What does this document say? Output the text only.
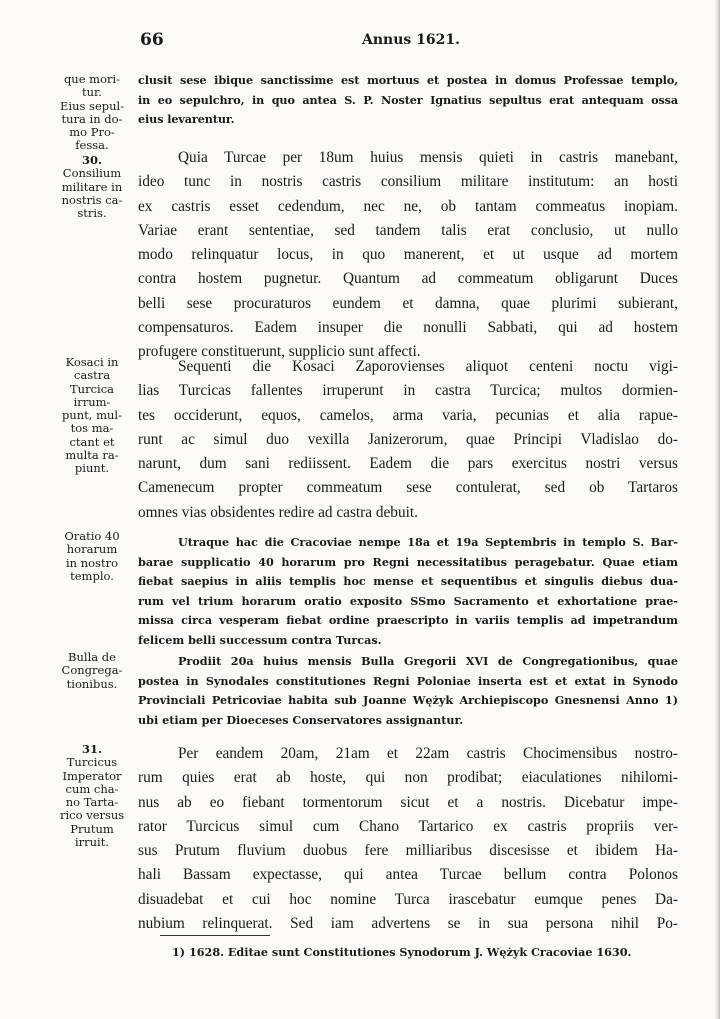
66	Annus 1621.
que mori-
tur.
Eius sepul-
tura in do-
mo Pro-
fessa.
30.
Consilium
militare in
nostris ca-
stris.
Kosaci in
castra
Turcica
irrum-
punt, mul-
tos ma-
ctant et
multa ra-
piunt.
Oratio 40
horarum
in nostro
templo.
Bulla de
Congrega-
tionibus.
31.
Turcicus
Imperator
cum cha-
no Tarta-
rico versus
Prutum
irruit.
clusit sese ibique sanctissime est mortuus et postea in domus Professae templo,
in eo sepulchro, in quo antea S. P. Noster Ignatius sepultus erat antequam ossa
eius levarentur.
Quia Turcae per 18um huius mensis quieti in castris manebant,
ideo tunc in nostris castris consilium militare institutum: an hosti
ex castris esset cedendum, nec ne, ob tantam commeatus inopiam.
Variae erant sententiae, sed tandem talis erat conclusio, ut nullo
modo relinquatur locus, in quo manerent, et ut usque ad mortem
contra hostem pugnetur. Quantum ad commeatum obligarunt Duces
belli sese procuraturos eundem et damna, quae plurimi subierant,
compensaturos. Eadem insuper die nonulli Sabbati, qui ad hostem
profugere constituerunt, supplicio sunt affecti.
Sequenti die Kosaci Zaporovienses aliquot centeni noctu vigi-
lias Turcicas fallentes irruperunt in castra Turcica; multos dormien-
tes occiderunt, equos, camelos, arma varia, pecunias et alia rapue-
runt ac simul duo vexilla Janizerorum, quae Principi Vladislao do-
narunt, dum sani rediissent. Eadem die pars exercitus nostri versus
Camenecum propter commeatum sese contulerat, sed ob Tartaros
omnes vias obsidentes redire ad castra debuit.
Utraque hac die Cracoviae nempe 18a et 19a Septembris in templo S. Bar-
barae supplicatio 40 horarum pro Regni necessitatibus peragebatur. Quae etiam
fiebat saepius in aliis templis hoc mense et sequentibus et singulis diebus dua-
rum vel trium horarum oratio exposito SSmo Sacramento et exhortatione prae-
missa circa vesperam fiebat ordine praescripto in variis templis ad impetrandum
felicem belli successum contra Turcas.
Prodiit 20a huius mensis Bulla Gregorii XVI de Congregationibus, quae
postea in Synodales constitutiones Regni Poloniae inserta est et extat in Synodo
Provinciali Petricoviae habita sub Joanne Wężyk Archiepiscopo Gnesnensi Anno 1)
ubi etiam per Dioeceses Conservatores assignantur.
Per eandem 20am, 21am et 22am castris Chocimensibus nostro-
rum quies erat ab hoste, qui non prodibat; eiaculationes nihilomi-
nus ab eo fiebant tormentorum sicut et a nostris. Dicebatur impe-
rator Turcicus simul cum Chano Tartarico ex castris propriis ver-
sus Prutum fluvium duobus fere milliaribus discesisse et ibidem Ha-
hali Bassam expectasse, qui antea Turcae bellum contra Polonos
disuadebat et cui hoc nomine Turca irascebatur eumque penes Da-
nubium relinquerat. Sed iam advertens se in sua persona nihil Po-
1) 1628. Editae sunt Constitutiones Synodorum J. Wężyk Cracoviae 1630.
